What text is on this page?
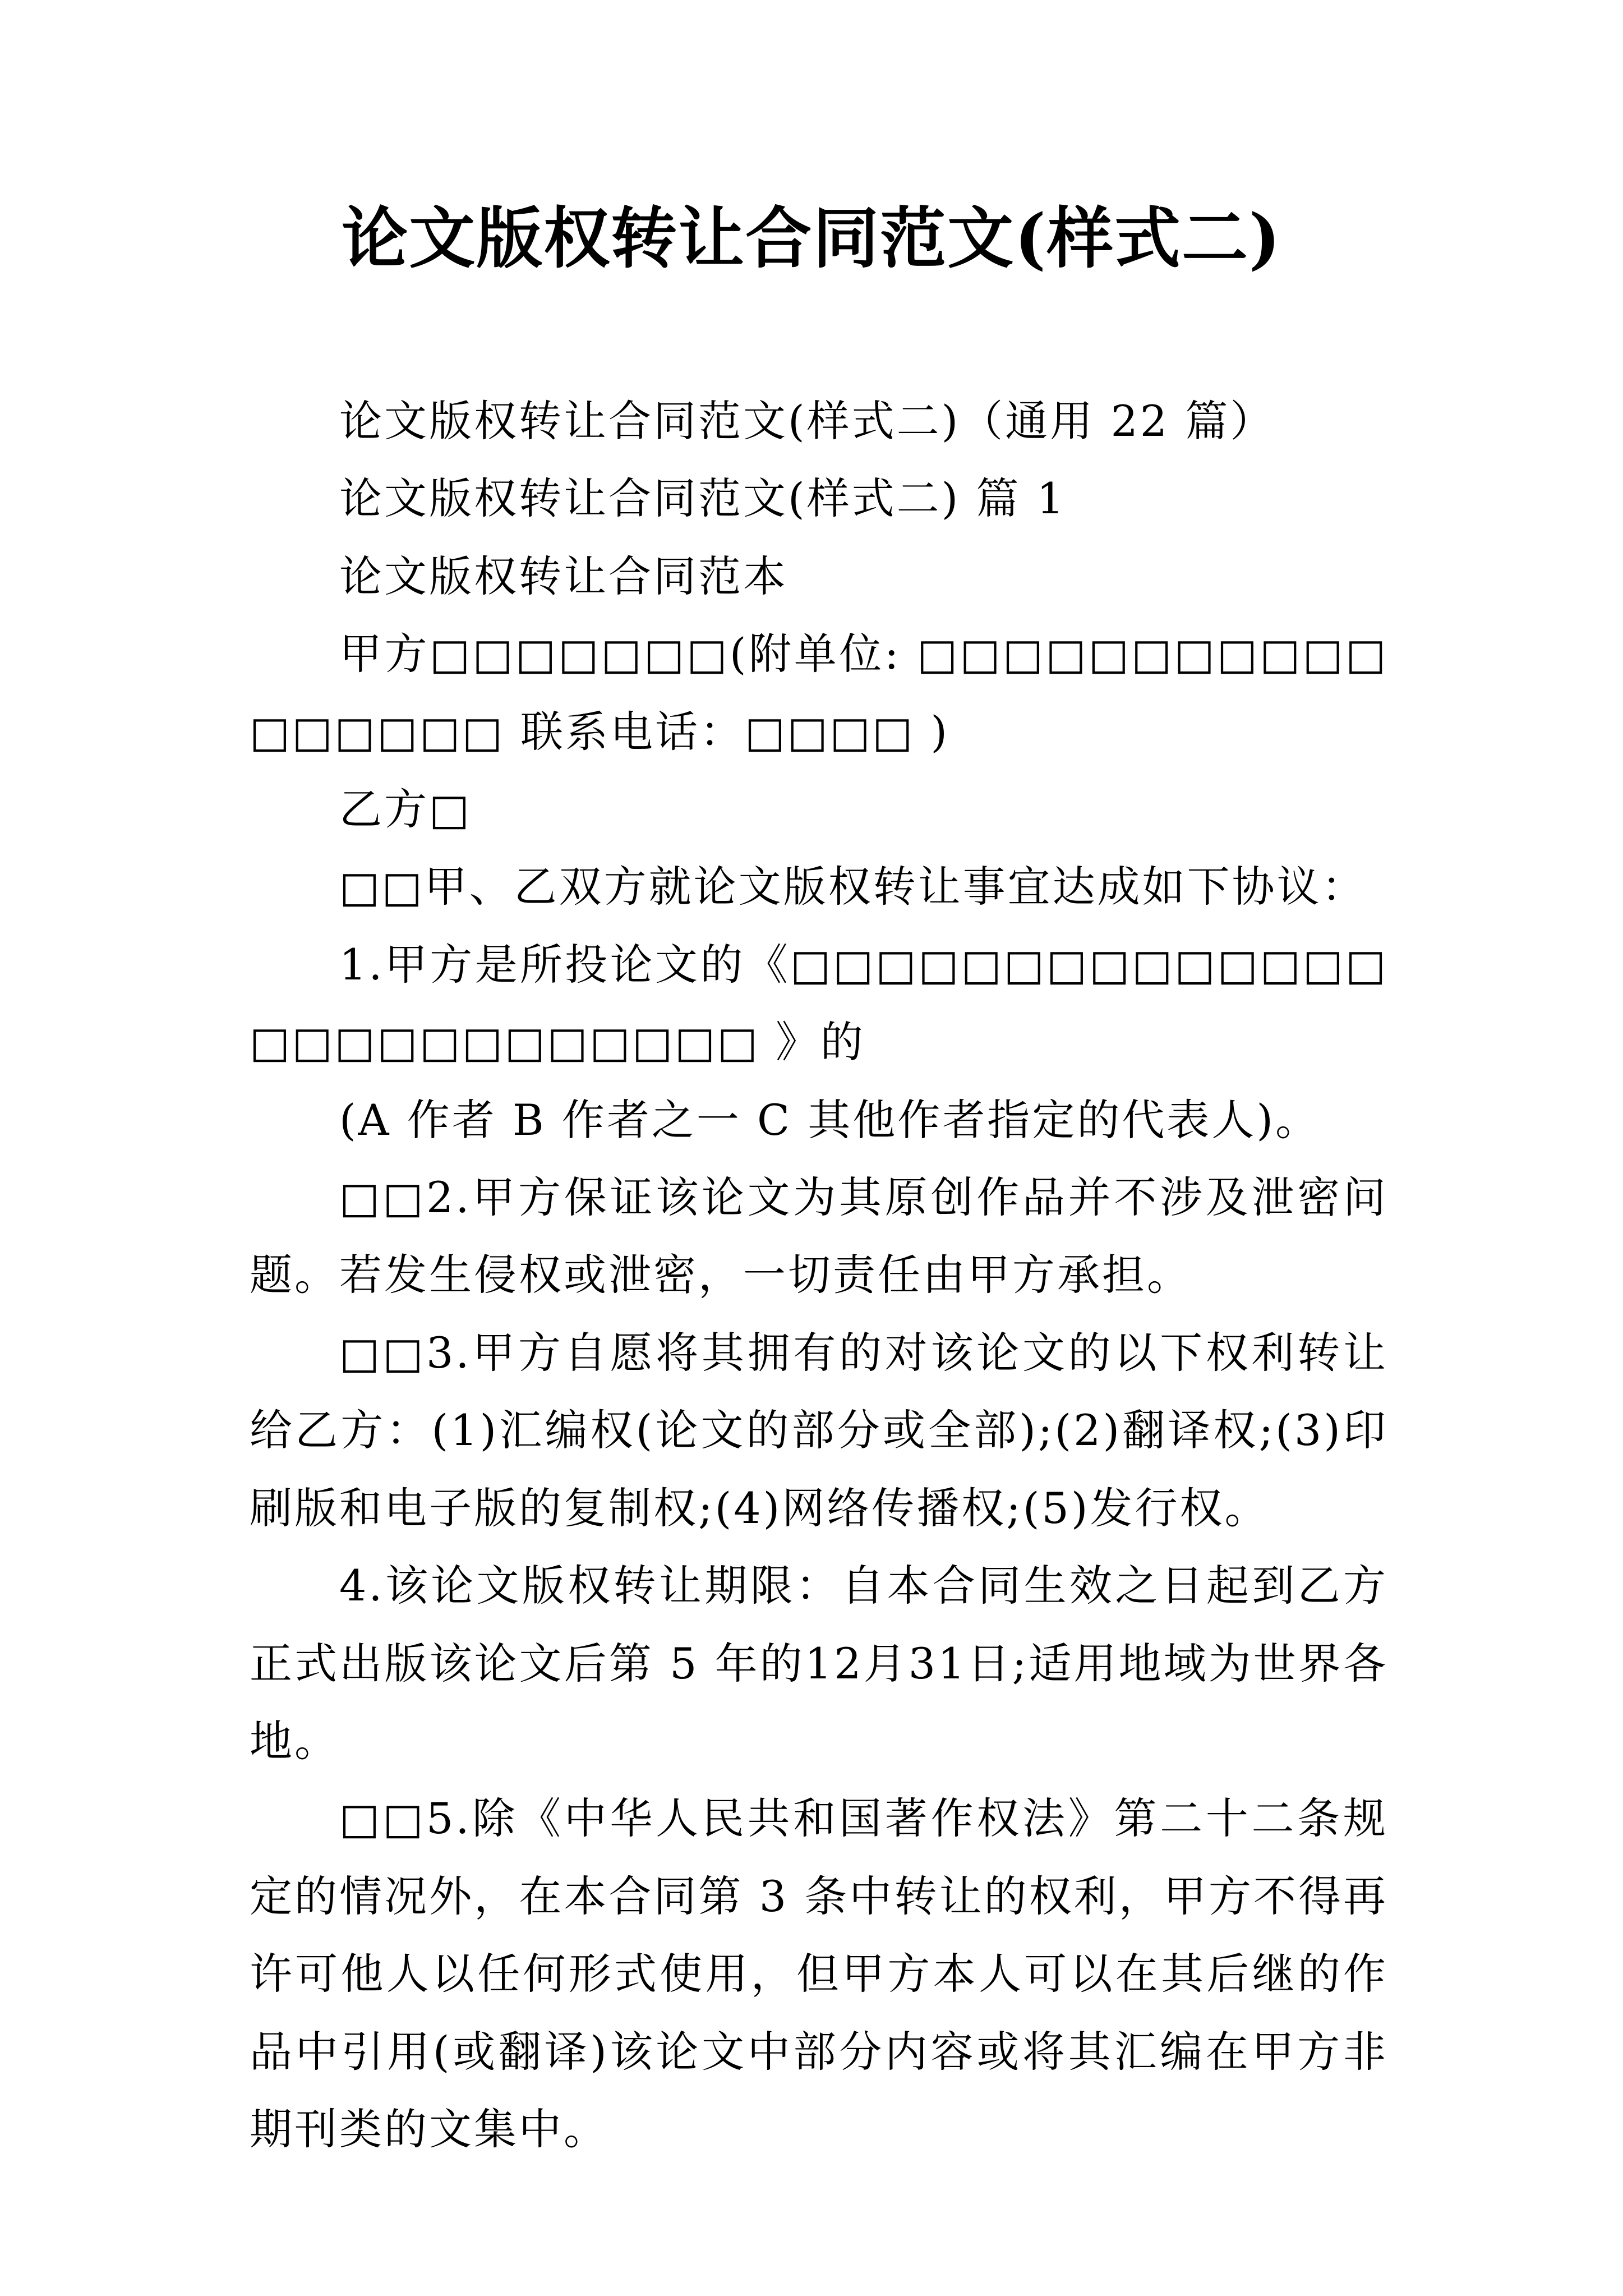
论文版权转让合同范文(样式二)

论文版权转让合同范文(样式二)（通用 22 篇）

论文版权转让合同范文(样式二) 篇 1

论文版权转让合同范本

甲方□□□□□□□(附单位: □□□□□□□□□□□□□□□□□ 联系电话：□□□□ )

乙方□

□□甲、乙双方就论文版权转让事宜达成如下协议：

1.甲方是所投论文的《□□□□□□□□□□□□□□□□□□□□□□□□□□ 》的

(A 作者 B 作者之一 C 其他作者指定的代表人)。

□□2.甲方保证该论文为其原创作品并不涉及泄密问题。若发生侵权或泄密，一切责任由甲方承担。

□□3.甲方自愿将其拥有的对该论文的以下权利转让给乙方：(1)汇编权(论文的部分或全部);(2)翻译权;(3)印刷版和电子版的复制权;(4)网络传播权;(5)发行权。

4.该论文版权转让期限：自本合同生效之日起到乙方正式出版该论文后第 5 年的12月31日;适用地域为世界各地。

□□5.除《中华人民共和国著作权法》第二十二条规定的情况外，在本合同第 3 条中转让的权利，甲方不得再许可他人以任何形式使用，但甲方本人可以在其后继的作品中引用(或翻译)该论文中部分内容或将其汇编在甲方非期刊类的文集中。
